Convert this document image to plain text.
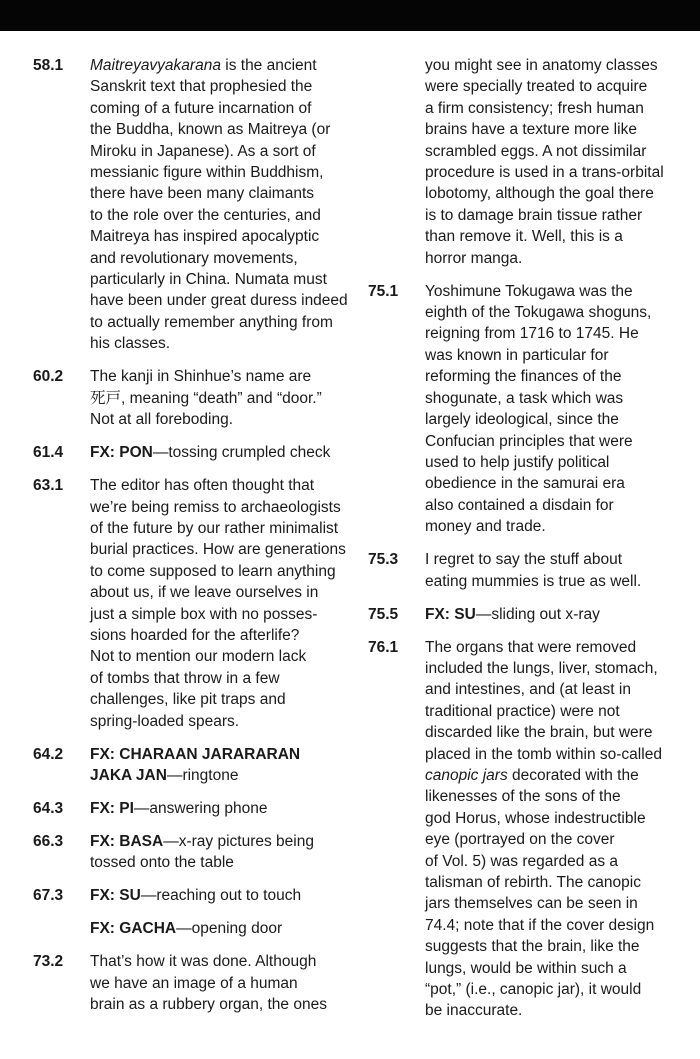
58.1 Maitreyavyakarana is the ancient
Sanskrit text that prophesied the
coming of a future incarnation of
the Buddha, known as Maitreya (or
Miroku in Japanese). As a sort of
messianic figure within Buddhism,
there have been many claimants
to the role over the centuries, and
Maitreya has inspired apocalyptic
and revolutionary movements,
particularly in China. Numata must
have been under great duress indeed
to actually remember anything from
his classes.
60.2 The kanji in Shinhue’s name are
死戸, meaning “death” and “door.”
Not at all foreboding.
61.4 FX: PON—tossing crumpled check
63.1 The editor has often thought that
we’re being remiss to archaeologists
of the future by our rather minimalist
burial practices. How are generations
to come supposed to learn anything
about us, if we leave ourselves in
just a simple box with no posses-
sions hoarded for the afterlife?
Not to mention our modern lack
of tombs that throw in a few
challenges, like pit traps and
spring-loaded spears.
64.2 FX: CHARAAN JARARARAN
JAKA JAN—ringtone
64.3 FX: PI—answering phone
66.3 FX: BASA—x-ray pictures being
tossed onto the table
67.3 FX: SU—reaching out to touch
FX: GACHA—opening door
73.2 That’s how it was done. Although
we have an image of a human
brain as a rubbery organ, the ones
you might see in anatomy classes
were specially treated to acquire
a firm consistency; fresh human
brains have a texture more like
scrambled eggs. A not dissimilar
procedure is used in a trans-orbital
lobotomy, although the goal there
is to damage brain tissue rather
than remove it. Well, this is a
horror manga.
75.1 Yoshimune Tokugawa was the
eighth of the Tokugawa shoguns,
reigning from 1716 to 1745. He
was known in particular for
reforming the finances of the
shogunate, a task which was
largely ideological, since the
Confucian principles that were
used to help justify political
obedience in the samurai era
also contained a disdain for
money and trade.
75.3 I regret to say the stuff about
eating mummies is true as well.
75.5 FX: SU—sliding out x-ray
76.1 The organs that were removed
included the lungs, liver, stomach,
and intestines, and (at least in
traditional practice) were not
discarded like the brain, but were
placed in the tomb within so-called
canopic jars decorated with the
likenesses of the sons of the
god Horus, whose indestructible
eye (portrayed on the cover
of Vol. 5) was regarded as a
talisman of rebirth. The canopic
jars themselves can be seen in
74.4; note that if the cover design
suggests that the brain, like the
lungs, would be within such a
“pot,” (i.e., canopic jar), it would
be inaccurate.
